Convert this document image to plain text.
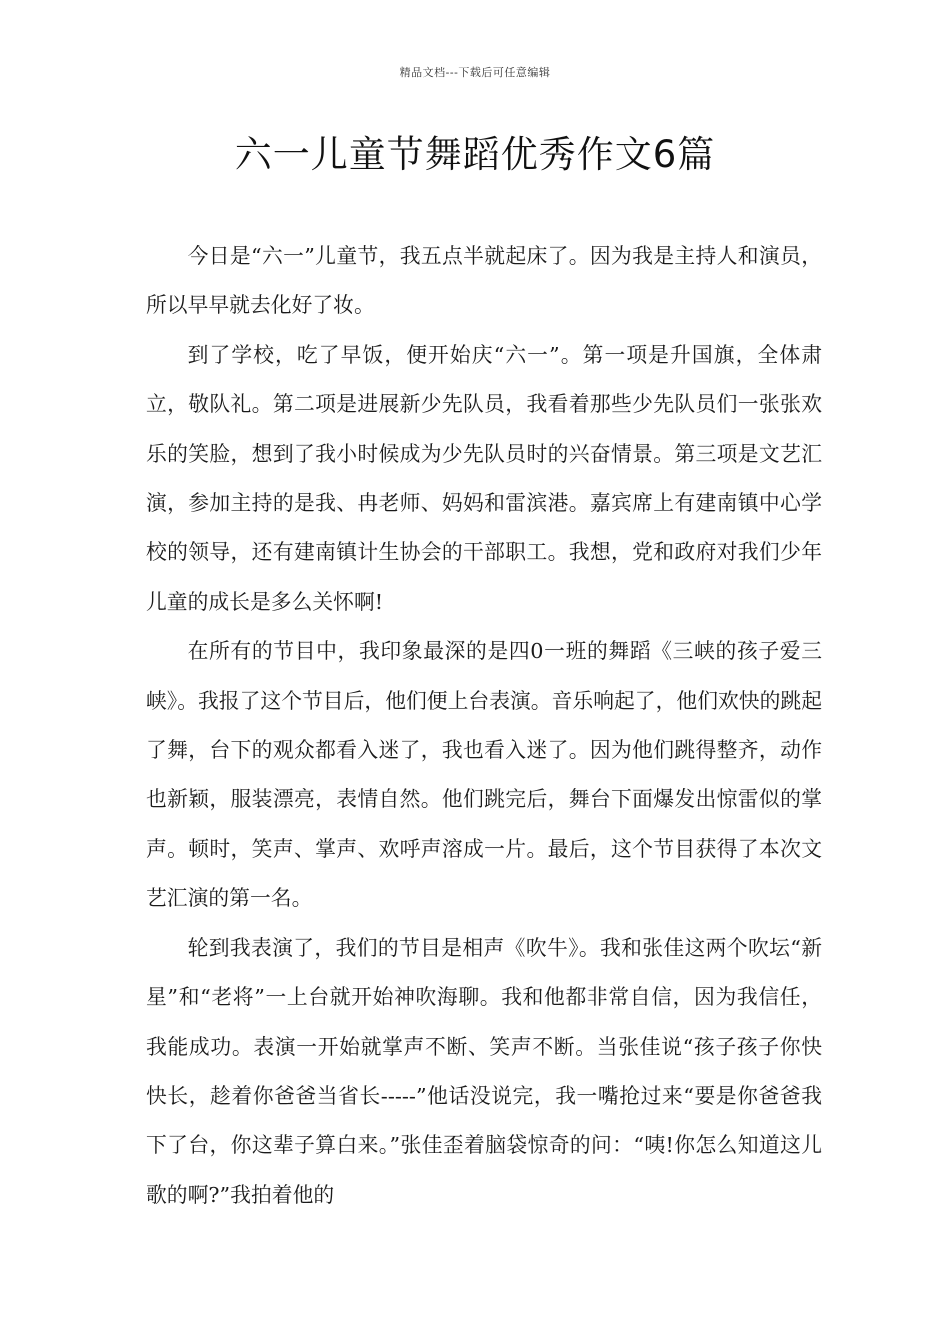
精品文档---下载后可任意编辑
六一儿童节舞蹈优秀作文6篇

今日是“六一”儿童节，我五点半就起床了。因为我是主持人和演员，所以早早就去化好了妆。

到了学校，吃了早饭，便开始庆“六一”。第一项是升国旗，全体肃立，敬队礼。第二项是进展新少先队员，我看着那些少先队员们一张张欢乐的笑脸，想到了我小时候成为少先队员时的兴奋情景。第三项是文艺汇演，参加主持的是我、冉老师、妈妈和雷滨港。嘉宾席上有建南镇中心学校的领导，还有建南镇计生协会的干部职工。我想，党和政府对我们少年儿童的成长是多么关怀啊!

在所有的节目中，我印象最深的是四0一班的舞蹈《三峡的孩子爱三峡》。我报了这个节目后，他们便上台表演。音乐响起了，他们欢快的跳起了舞，台下的观众都看入迷了，我也看入迷了。因为他们跳得整齐，动作也新颖，服装漂亮，表情自然。他们跳完后，舞台下面爆发出惊雷似的掌声。顿时，笑声、掌声、欢呼声溶成一片。最后，这个节目获得了本次文艺汇演的第一名。

轮到我表演了，我们的节目是相声《吹牛》。我和张佳这两个吹坛“新星”和“老将”一上台就开始神吹海聊。我和他都非常自信，因为我信任，我能成功。表演一开始就掌声不断、笑声不断。当张佳说“孩子孩子你快快长，趁着你爸爸当省长-----”他话没说完，我一嘴抢过来“要是你爸爸我下了台，你这辈子算白来。”张佳歪着脑袋惊奇的问：“咦!你怎么知道这儿歌的啊?”我拍着他的
